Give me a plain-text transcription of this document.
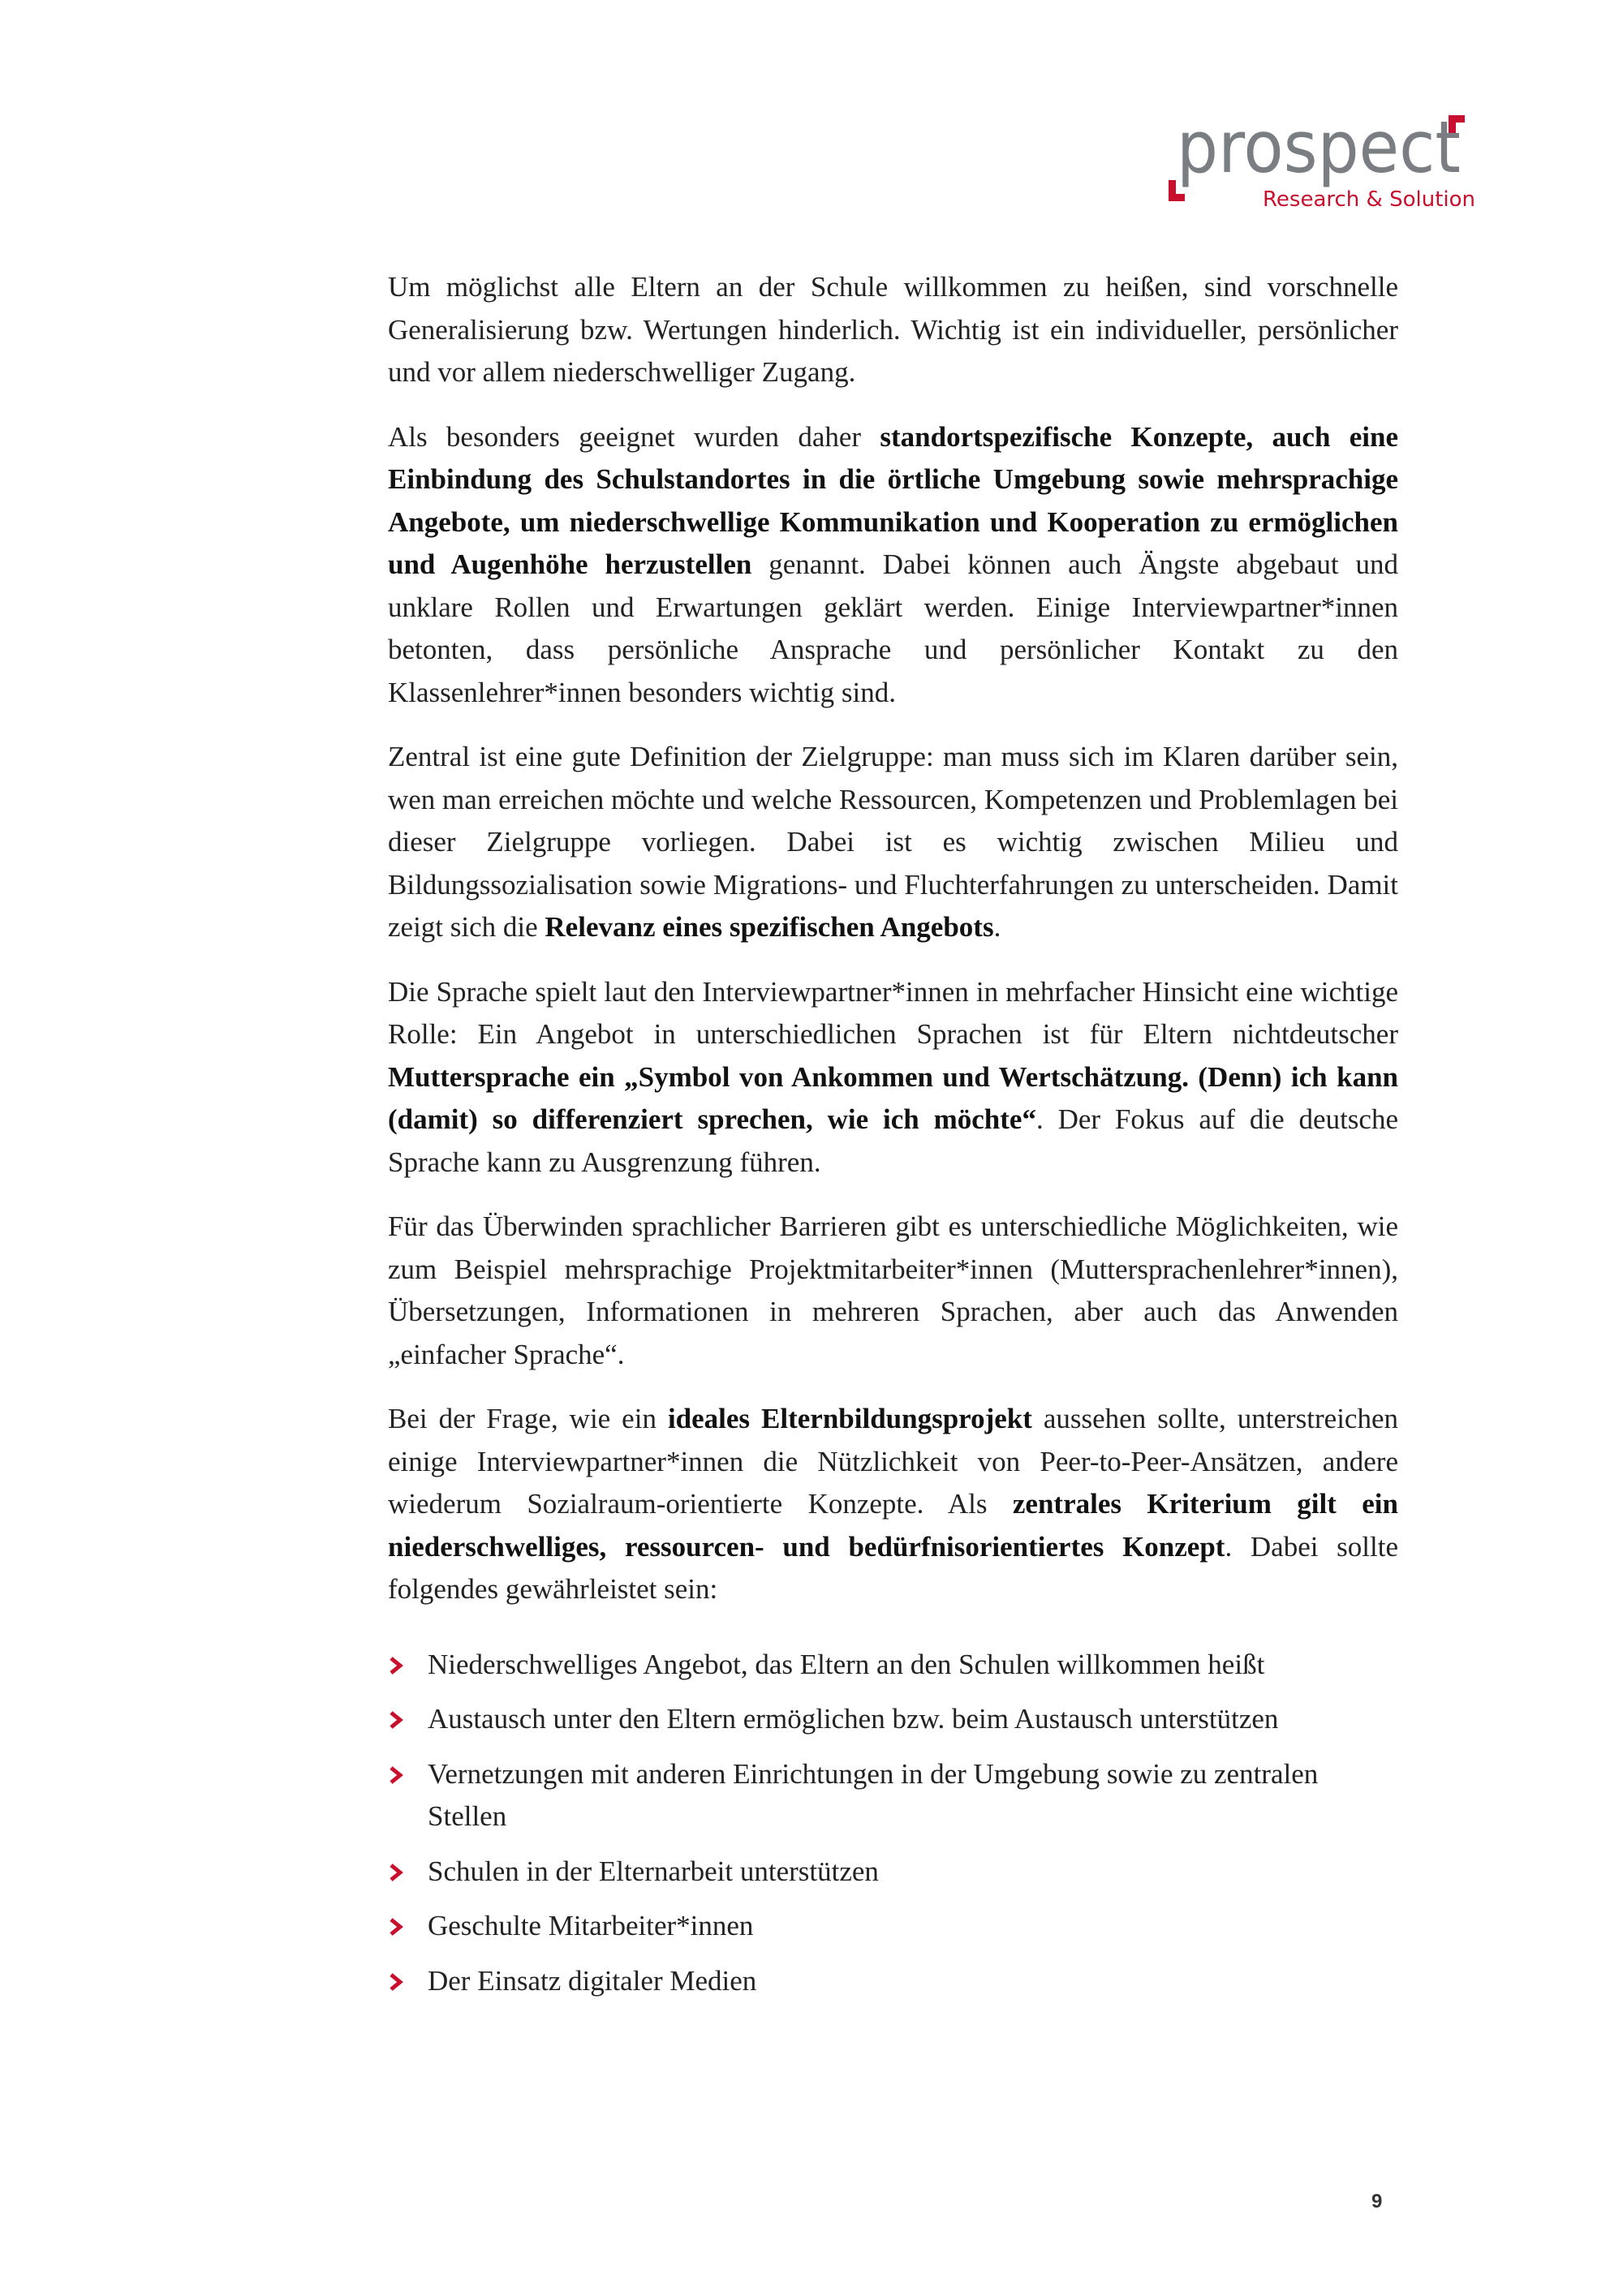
prospect
Research & Solution

Um möglichst alle Eltern an der Schule willkommen zu heißen, sind vorschnelle Generalisierung bzw. Wertungen hinderlich. Wichtig ist ein individueller, persönlicher und vor allem niederschwelliger Zugang.

Als besonders geeignet wurden daher standortspezifische Konzepte, auch eine Einbindung des Schulstandortes in die örtliche Umgebung sowie mehrsprachige Angebote, um niederschwellige Kommunikation und Kooperation zu ermöglichen und Augenhöhe herzustellen genannt. Dabei können auch Ängste abgebaut und unklare Rollen und Erwartungen geklärt werden. Einige Interviewpartner*innen betonten, dass persönliche Ansprache und persönlicher Kontakt zu den Klassenlehrer*innen besonders wichtig sind.

Zentral ist eine gute Definition der Zielgruppe: man muss sich im Klaren darüber sein, wen man erreichen möchte und welche Ressourcen, Kompetenzen und Problemlagen bei dieser Zielgruppe vorliegen. Dabei ist es wichtig zwischen Milieu und Bildungssozialisation sowie Migrations- und Fluchterfahrungen zu unterscheiden. Damit zeigt sich die Relevanz eines spezifischen Angebots.

Die Sprache spielt laut den Interviewpartner*innen in mehrfacher Hinsicht eine wichtige Rolle: Ein Angebot in unterschiedlichen Sprachen ist für Eltern nichtdeutscher Muttersprache ein „Symbol von Ankommen und Wertschätzung. (Denn) ich kann (damit) so differenziert sprechen, wie ich möchte“. Der Fokus auf die deutsche Sprache kann zu Ausgrenzung führen.

Für das Überwinden sprachlicher Barrieren gibt es unterschiedliche Möglichkeiten, wie zum Beispiel mehrsprachige Projektmitarbeiter*innen (Muttersprachenlehrer*innen), Übersetzungen, Informationen in mehreren Sprachen, aber auch das Anwenden „einfacher Sprache“.

Bei der Frage, wie ein ideales Elternbildungsprojekt aussehen sollte, unterstreichen einige Interviewpartner*innen die Nützlichkeit von Peer-to-Peer-Ansätzen, andere wiederum Sozialraum-orientierte Konzepte. Als zentrales Kriterium gilt ein niederschwelliges, ressourcen- und bedürfnisorientiertes Konzept. Dabei sollte folgendes gewährleistet sein:

Niederschwelliges Angebot, das Eltern an den Schulen willkommen heißt
Austausch unter den Eltern ermöglichen bzw. beim Austausch unterstützen
Vernetzungen mit anderen Einrichtungen in der Umgebung sowie zu zentralen Stellen
Schulen in der Elternarbeit unterstützen
Geschulte Mitarbeiter*innen
Der Einsatz digitaler Medien
9
